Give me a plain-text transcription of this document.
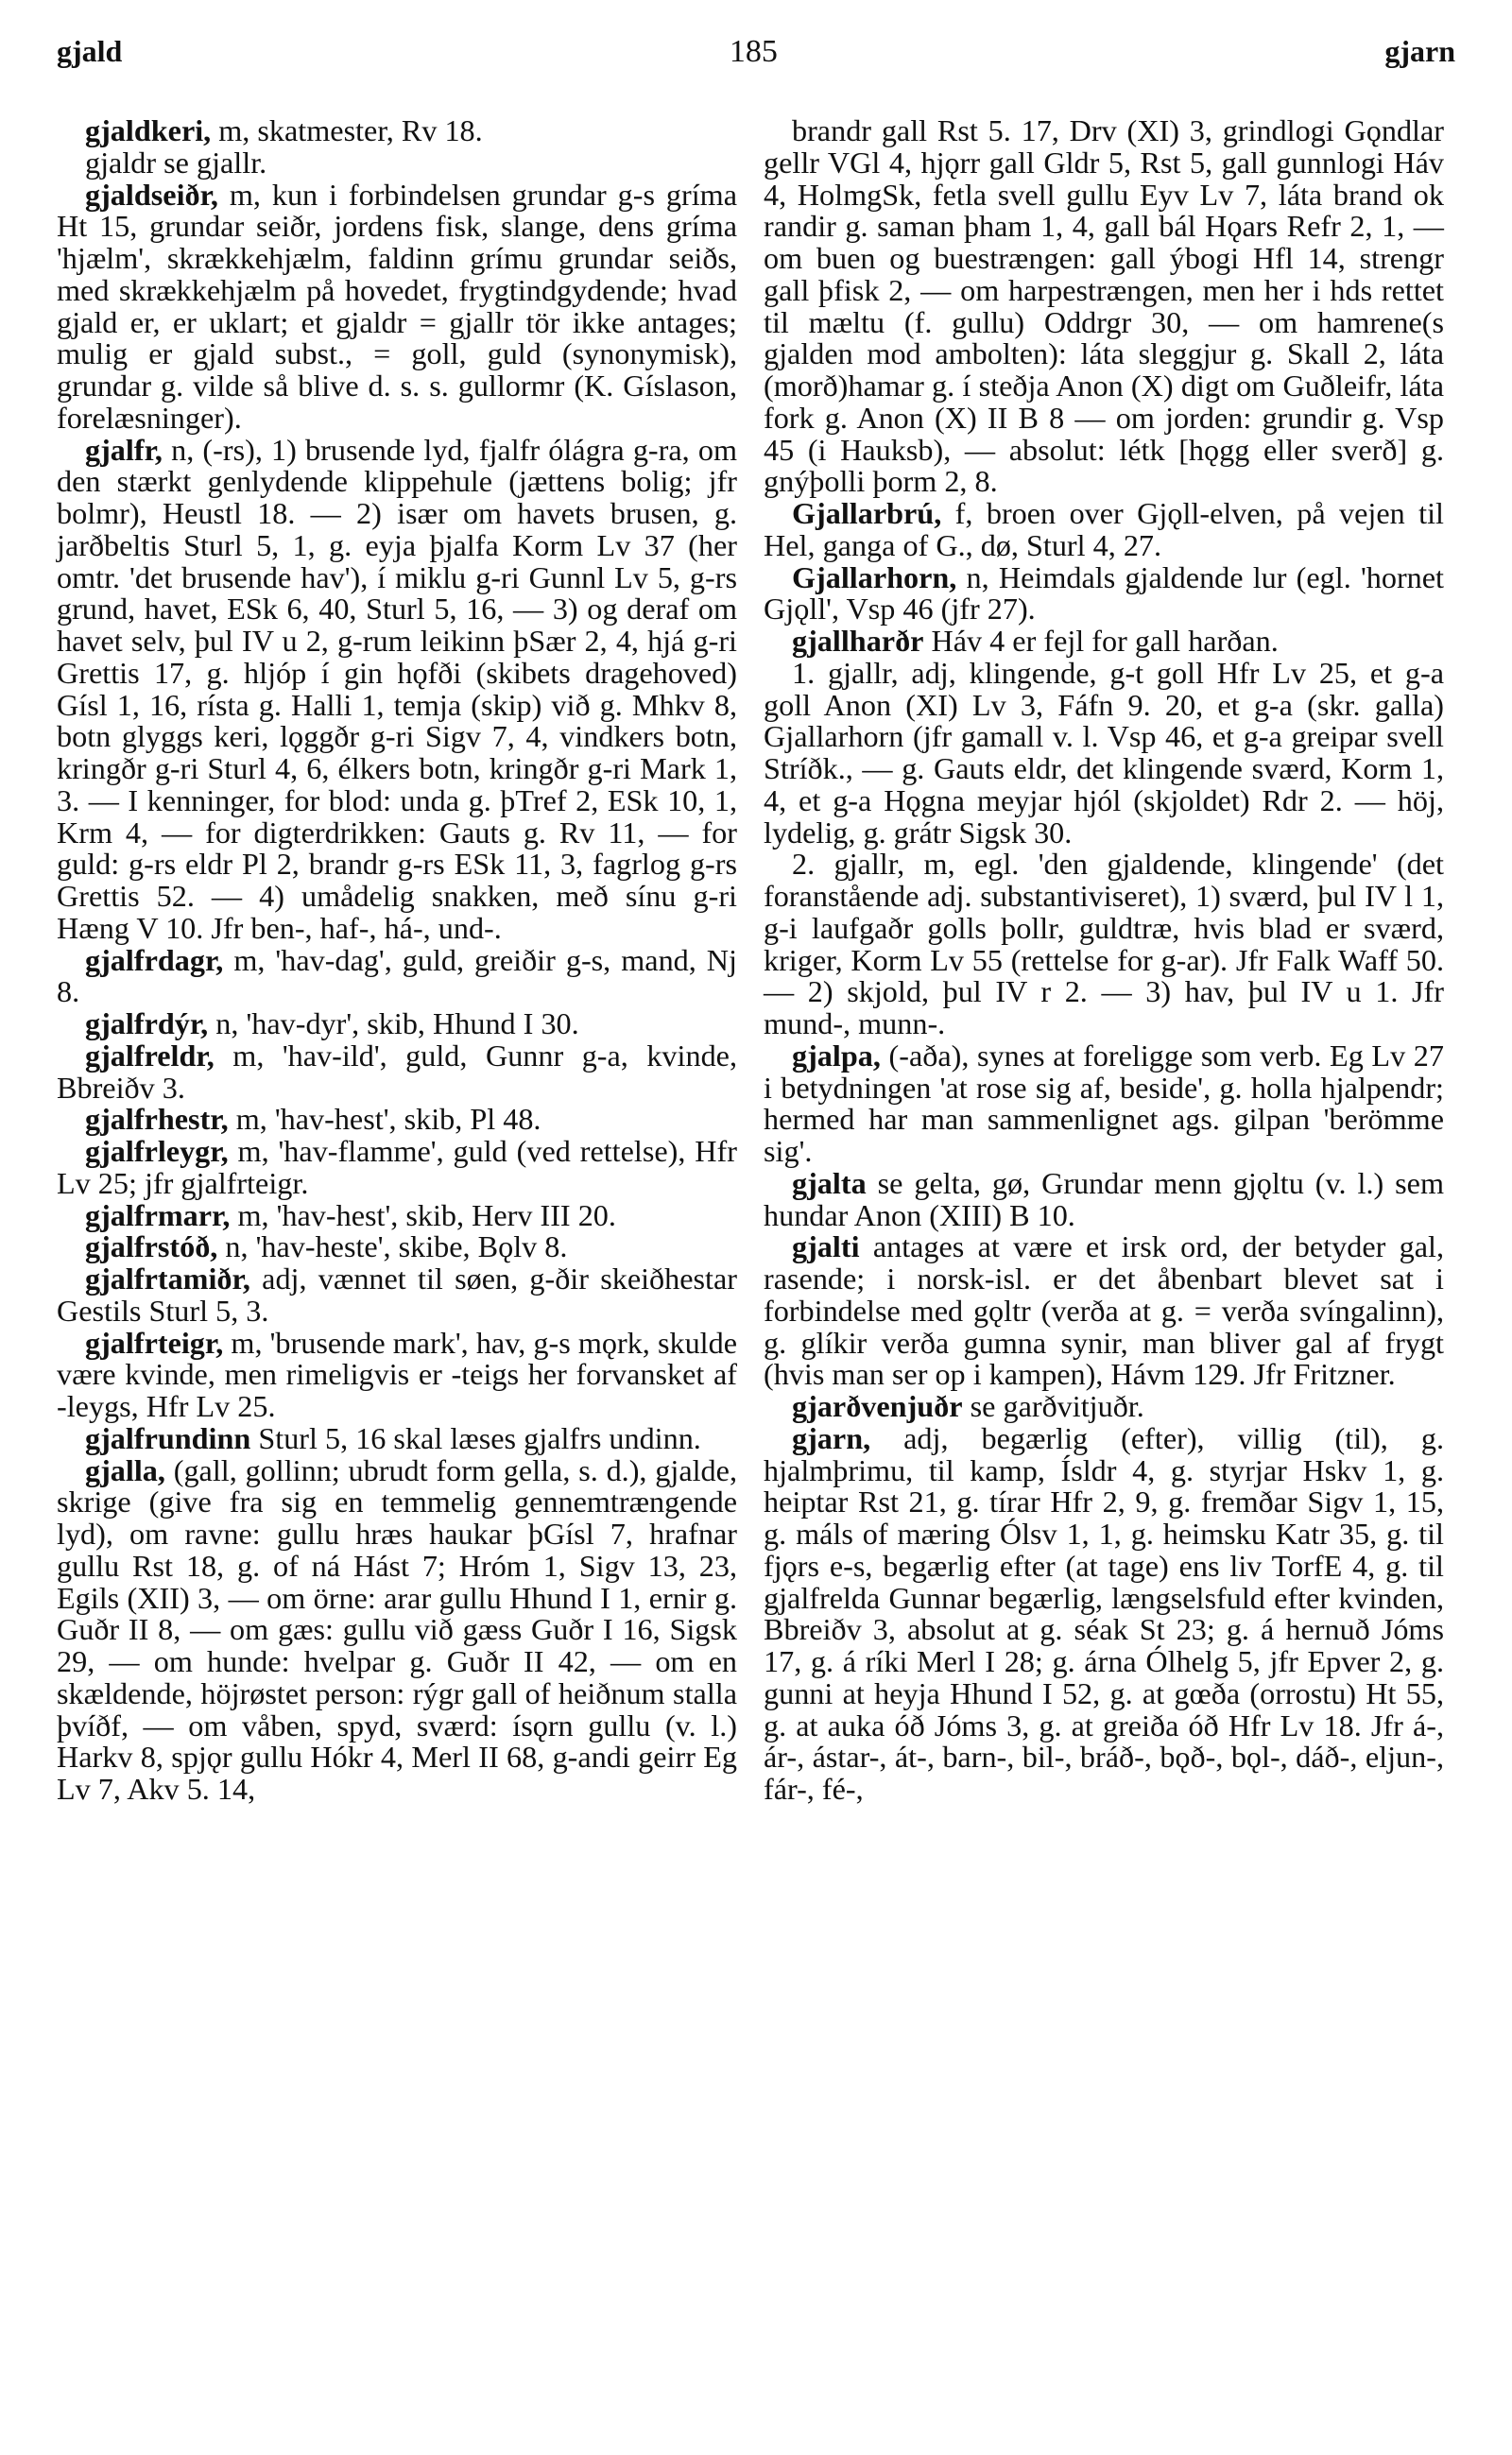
gjald	185	gjarn

gjaldkeri, m, skatmester, Rv 18.

gjaldr se gjallr.

gjaldseiðr, m, kun i forbindelsen grundar g-s gríma Ht 15, grundar seiðr, jordens fisk, slange, dens gríma 'hjælm', skrækkehjælm, faldinn grímu grundar seiðs, med skrækkehjælm på hovedet, frygtindgydende; hvad gjald er, er uklart; et gjaldr = gjallr tör ikke antages; mulig er gjald subst., = goll, guld (synonymisk), grundar g. vilde så blive d. s. s. gullormr (K. Gíslason, forelæsninger).

gjalfr, n, (-rs), 1) brusende lyd, fjalfr ólágra g-ra, om den stærkt genlydende klippehule (jættens bolig; jfr bolmr), Heustl 18. — 2) især om havets brusen, g. jarðbeltis Sturl 5, 1, g. eyja þjalfa Korm Lv 37 (her omtr. 'det brusende hav'), í miklu g-ri Gunnl Lv 5, g-rs grund, havet, ESk 6, 40, Sturl 5, 16, — 3) og deraf om havet selv, þul IV u 2, g-rum leikinn þSær 2, 4, hjá g-ri Grettis 17, g. hljóp í gin hǫfði (skibets dragehoved) Gísl 1, 16, rísta g. Halli 1, temja (skip) við g. Mhkv 8, botn glyggs keri, lǫggðr g-ri Sigv 7, 4, vindkers botn, kringðr g-ri Sturl 4, 6, élkers botn, kringðr g-ri Mark 1, 3. — I kenninger, for blod: unda g. þTref 2, ESk 10, 1, Krm 4, — for digterdrikken: Gauts g. Rv 11, — for guld: g-rs eldr Pl 2, brandr g-rs ESk 11, 3, fagrlog g-rs Grettis 52. — 4) umådelig snakken, með sínu g-ri Hæng V 10. Jfr ben-, haf-, há-, und-.

gjalfrdagr, m, 'hav-dag', guld, greiðir g-s, mand, Nj 8.

gjalfrdýr, n, 'hav-dyr', skib, Hhund I 30.

gjalfreldr, m, 'hav-ild', guld, Gunnr g-a, kvinde, Bbreiðv 3.

gjalfrhestr, m, 'hav-hest', skib, Pl 48.

gjalfrleygr, m, 'hav-flamme', guld (ved rettelse), Hfr Lv 25; jfr gjalfrteigr.

gjalfrmarr, m, 'hav-hest', skib, Herv III 20.

gjalfrstóð, n, 'hav-heste', skibe, Bǫlv 8.

gjalfrtamiðr, adj, vænnet til søen, g-ðir skeiðhestar Gestils Sturl 5, 3.

gjalfrteigr, m, 'brusende mark', hav, g-s mǫrk, skulde være kvinde, men rimeligvis er -teigs her forvansket af -leygs, Hfr Lv 25.

gjalfrundinn Sturl 5, 16 skal læses gjalfrs undinn.

gjalla, (gall, gollinn; ubrudt form gella, s. d.), gjalde, skrige (give fra sig en temmelig gennemtrængende lyd), om ravne: gullu hræs haukar þGísl 7, hrafnar gullu Rst 18, g. of ná Hást 7; Hróm 1, Sigv 13, 23, Egils (XII) 3, — om örne: arar gullu Hhund I 1, ernir g. Guðr II 8, — om gæs: gullu við gæss Guðr I 16, Sigsk 29, — om hunde: hvelpar g. Guðr II 42, — om en skældende, höjrøstet person: rýgr gall of heiðnum stalla þvíðf, — om våben, spyd, sværd: ísǫrn gullu (v. l.) Harkv 8, spjǫr gullu Hókr 4, Merl II 68, g-andi geirr Eg Lv 7, Akv 5. 14,

brandr gall Rst 5. 17, Drv (XI) 3, grindlogi Gǫndlar gellr VGl 4, hjǫrr gall Gldr 5, Rst 5, gall gunnlogi Háv 4, HolmgSk, fetla svell gullu Eyv Lv 7, láta brand ok randir g. saman þham 1, 4, gall bál Hǫars Refr 2, 1, — om buen og buestrængen: gall ýbogi Hfl 14, strengr gall þfisk 2, — om harpestrængen, men her i hds rettet til mæltu (f. gullu) Oddrgr 30, — om hamrene(s gjalden mod ambolten): láta sleggjur g. Skall 2, láta (morð)hamar g. í steðja Anon (X) digt om Guðleifr, láta fork g. Anon (X) II B 8 — om jorden: grundir g. Vsp 45 (i Hauksb), — absolut: létk [hǫgg eller sverð] g. gnýþolli þorm 2, 8.

Gjallarbrú, f, broen over Gjǫll-elven, på vejen til Hel, ganga of G., dø, Sturl 4, 27.

Gjallarhorn, n, Heimdals gjaldende lur (egl. 'hornet Gjǫll', Vsp 46 (jfr 27).

gjallharðr Háv 4 er fejl for gall harðan.

1. gjallr, adj, klingende, g-t goll Hfr Lv 25, et g-a goll Anon (XI) Lv 3, Fáfn 9. 20, et g-a (skr. galla) Gjallarhorn (jfr gamall v. l. Vsp 46, et g-a greipar svell Stríðk., — g. Gauts eldr, det klingende sværd, Korm 1, 4, et g-a Hǫgna meyjar hjól (skjoldet) Rdr 2. — höj, lydelig, g. grátr Sigsk 30.

2. gjallr, m, egl. 'den gjaldende, klingende' (det foranstående adj. substantiviseret), 1) sværd, þul IV l 1, g-i laufgaðr golls þollr, guldtræ, hvis blad er sværd, kriger, Korm Lv 55 (rettelse for g-ar). Jfr Falk Waff 50. — 2) skjold, þul IV r 2. — 3) hav, þul IV u 1. Jfr mund-, munn-.

gjalpa, (-aða), synes at foreligge som verb. Eg Lv 27 i betydningen 'at rose sig af, beside', g. holla hjalpendr; hermed har man sammenlignet ags. gilpan 'berömme sig'.

gjalta se gelta, gø, Grundar menn gjǫltu (v. l.) sem hundar Anon (XIII) B 10.

gjalti antages at være et irsk ord, der betyder gal, rasende; i norsk-isl. er det åbenbart blevet sat i forbindelse med gǫltr (verða at g. = verða svíngalinn), g. glíkir verða gumna synir, man bliver gal af frygt (hvis man ser op i kampen), Hávm 129. Jfr Fritzner.

gjarðvenjuðr se garðvitjuðr.

gjarn, adj, begærlig (efter), villig (til), g. hjalmþrimu, til kamp, Ísldr 4, g. styrjar Hskv 1, g. heiptar Rst 21, g. tírar Hfr 2, 9, g. fremðar Sigv 1, 15, g. máls of mæring Ólsv 1, 1, g. heimsku Katr 35, g. til fjǫrs e-s, begærlig efter (at tage) ens liv TorfE 4, g. til gjalfrelda Gunnar begærlig, længselsfuld efter kvinden, Bbreiðv 3, absolut at g. séak St 23; g. á hernuð Jóms 17, g. á ríki Merl I 28; g. árna Ólhelg 5, jfr Epver 2, g. gunni at heyja Hhund I 52, g. at gœða (orrostu) Ht 55, g. at auka óð Jóms 3, g. at greiða óð Hfr Lv 18. Jfr á-, ár-, ástar-, át-, barn-, bil-, bráð-, bǫð-, bǫl-, dáð-, eljun-, fár-, fé-,
